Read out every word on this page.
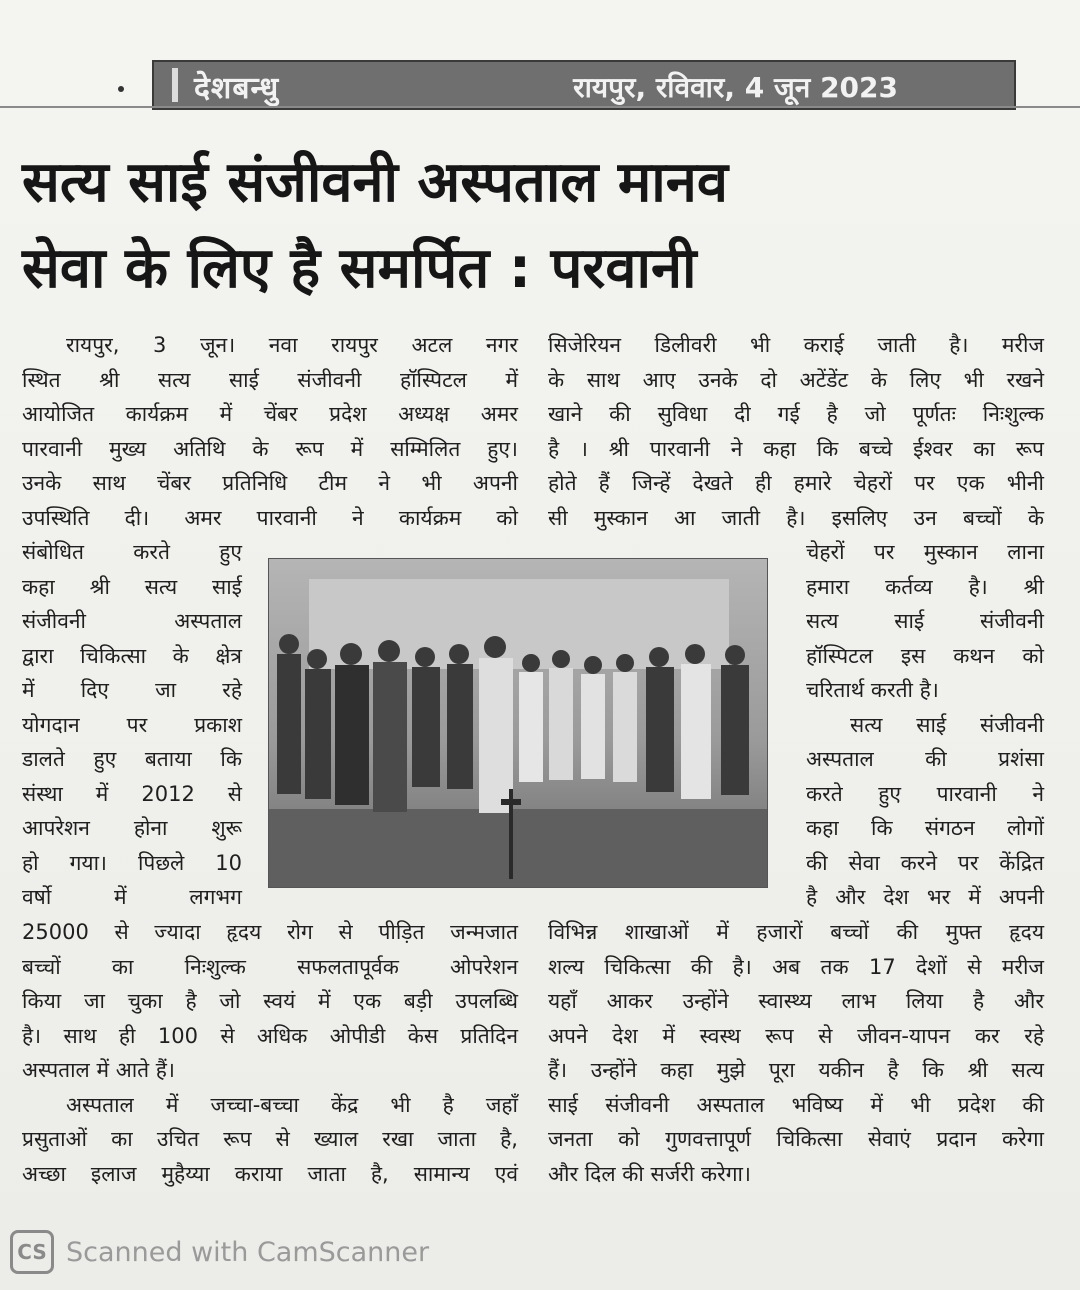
देशबन्धु	रायपुर, रविवार, 4 जून 2023
सत्य साई संजीवनी अस्पताल मानव
सेवा के लिए है समर्पित : परवानी

रायपुर, 3 जून। नवा रायपुर अटल नगर

स्थित श्री सत्य साई संजीवनी हॉस्पिटल में

आयोजित कार्यक्रम में चेंबर प्रदेश अध्यक्ष अमर

पारवानी मुख्य अतिथि के रूप में सम्मिलित हुए।

उनके साथ चेंबर प्रतिनिधि टीम ने भी अपनी

उपस्थिति दी। अमर पारवानी ने कार्यक्रम को

संबोधित करते हुए

कहा श्री सत्य साई

संजीवनी अस्पताल

द्वारा चिकित्सा के क्षेत्र

में दिए जा रहे

योगदान पर प्रकाश

डालते हुए बताया कि

संस्था में 2012 से

आपरेशन होना शुरू

हो गया। पिछले 10

वर्षो में लगभग

25000 से ज्यादा हृदय रोग से पीड़ित जन्मजात

बच्चों का निःशुल्क सफलतापूर्वक ओपरेशन

किया जा चुका है जो स्वयं में एक बड़ी उपलब्धि

है। साथ ही 100 से अधिक ओपीडी केस प्रतिदिन

अस्पताल में आते हैं।

अस्पताल में जच्चा-बच्चा केंद्र भी है जहाँ

प्रसुताओं का उचित रूप से ख्याल रखा जाता है,

अच्छा इलाज मुहैय्या कराया जाता है, सामान्य एवं

सिजेरियन डिलीवरी भी कराई जाती है। मरीज

के साथ आए उनके दो अटेंडेंट के लिए भी रखने

खाने की सुविधा दी गई है जो पूर्णतः निःशुल्क

है । श्री पारवानी ने कहा कि बच्चे ईश्वर का रूप

होते हैं जिन्हें देखते ही हमारे चेहरों पर एक भीनी

सी मुस्कान आ जाती है। इसलिए उन बच्चों के

चेहरों पर मुस्कान लाना

हमारा कर्तव्य है। श्री

सत्य साई संजीवनी

हॉस्पिटल इस कथन को

चरितार्थ करती है।

सत्य साई संजीवनी

अस्पताल की प्रशंसा

करते हुए पारवानी ने

कहा कि संगठन लोगों

की सेवा करने पर केंद्रित

है और देश भर में अपनी

विभिन्न शाखाओं में हजारों बच्चों की मुफ्त हृदय

शल्य चिकित्सा की है। अब तक 17 देशों से मरीज

यहाँ आकर उन्होंने स्वास्थ्य लाभ लिया है और

अपने देश में स्वस्थ रूप से जीवन-यापन कर रहे

हैं। उन्होंने कहा मुझे पूरा यकीन है कि श्री सत्य

साई संजीवनी अस्पताल भविष्य में भी प्रदेश की

जनता को गुणवत्तापूर्ण चिकित्सा सेवाएं प्रदान करेगा

और दिल की सर्जरी करेगा।

CS Scanned with CamScanner
